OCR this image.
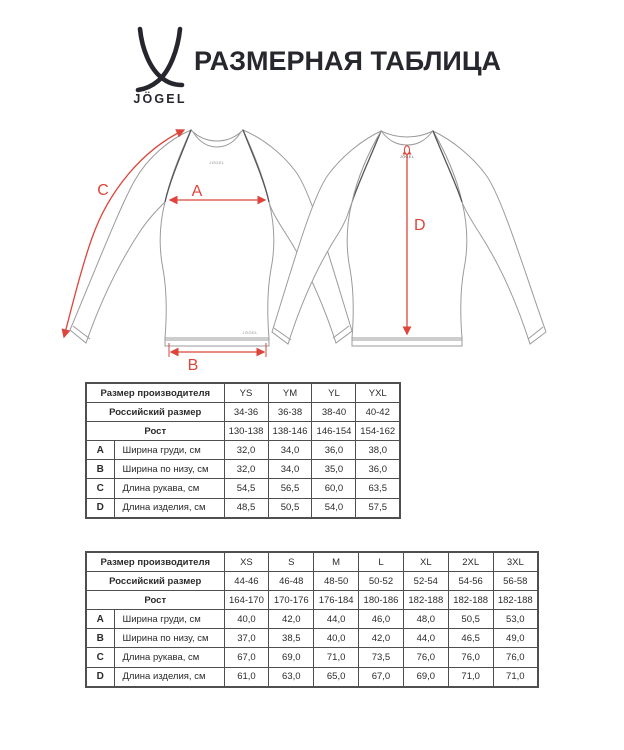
JÖGEL
РАЗМЕРНАЯ ТАБЛИЦА
JÖGEL
JÖGEL
JÖGEL
A
B
C
D
Размер производителя		YS	YM	YL	YXL
Российский размер		34-36	36-38	38-40	40-42
Рост		130-138	138-146	146-154	154-162
A	Ширина груди, см	32,0	34,0	36,0	38,0
B	Ширина по низу, см	32,0	34,0	35,0	36,0
C	Длина рукава, см	54,5	56,5	60,0	63,5
D	Длина изделия, см	48,5	50,5	54,0	57,5
Размер производителя		XS	S	M	L	XL	2XL	3XL
Российский размер		44-46	46-48	48-50	50-52	52-54	54-56	56-58
Рост		164-170	170-176	176-184	180-186	182-188	182-188	182-188
A	Ширина груди, см	40,0	42,0	44,0	46,0	48,0	50,5	53,0
B	Ширина по низу, см	37,0	38,5	40,0	42,0	44,0	46,5	49,0
C	Длина рукава, см	67,0	69,0	71,0	73,5	76,0	76,0	76,0
D	Длина изделия, см	61,0	63,0	65,0	67,0	69,0	71,0	71,0
